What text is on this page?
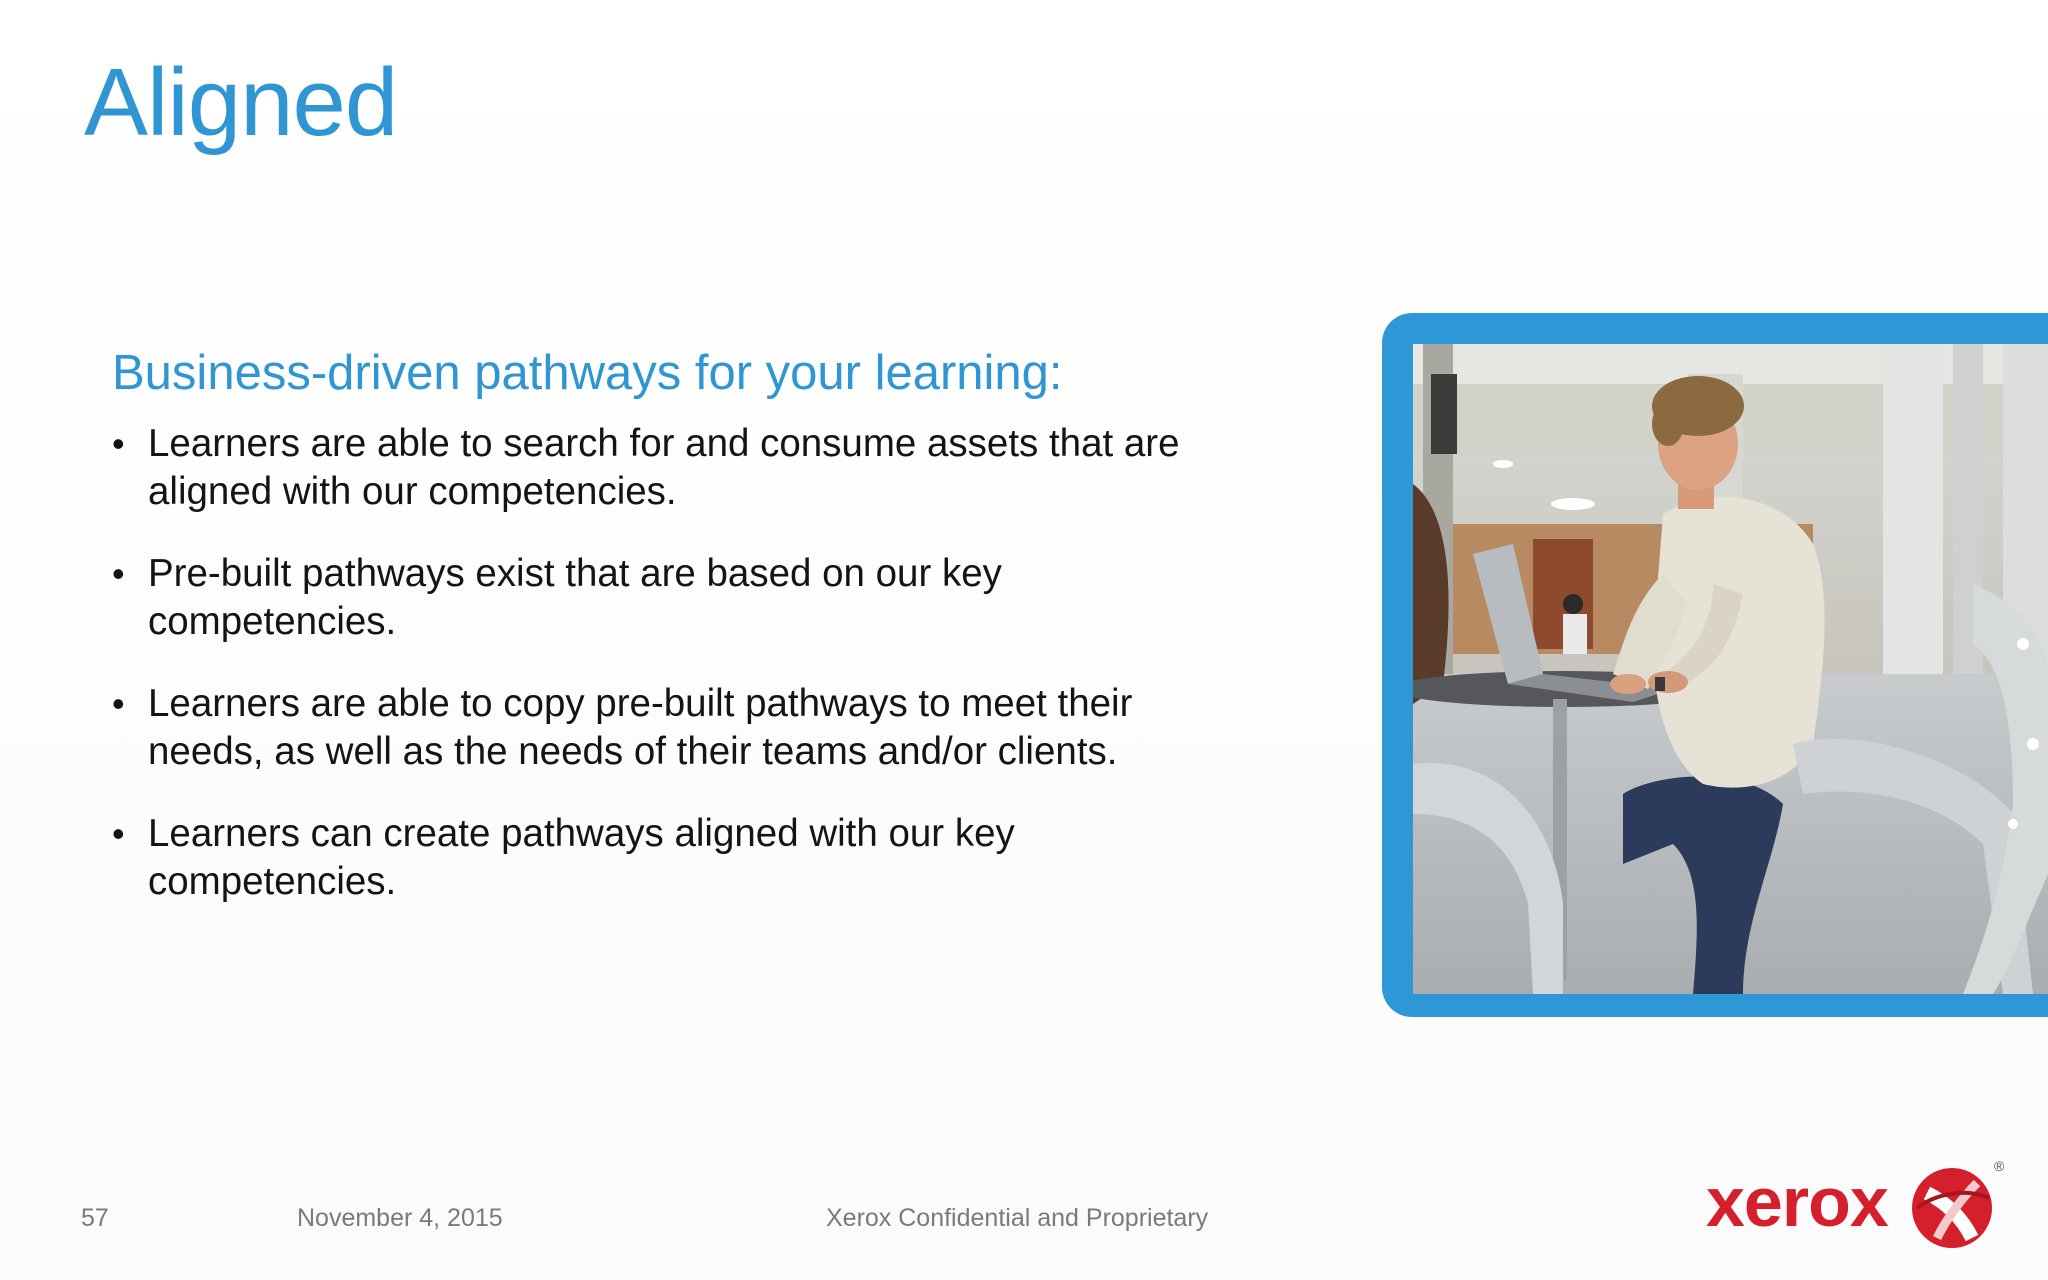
Aligned
Business-driven pathways for your learning:
• Learners are able to search for and consume assets that are
aligned with our competencies.
• Pre-built pathways exist that are based on our key
competencies.
• Learners are able to copy pre-built pathways to meet their
needs, as well as the needs of their teams and/or clients.
• Learners can create pathways aligned with our key
competencies.
57	November 4, 2015	Xerox Confidential and Proprietary	xerox	®
